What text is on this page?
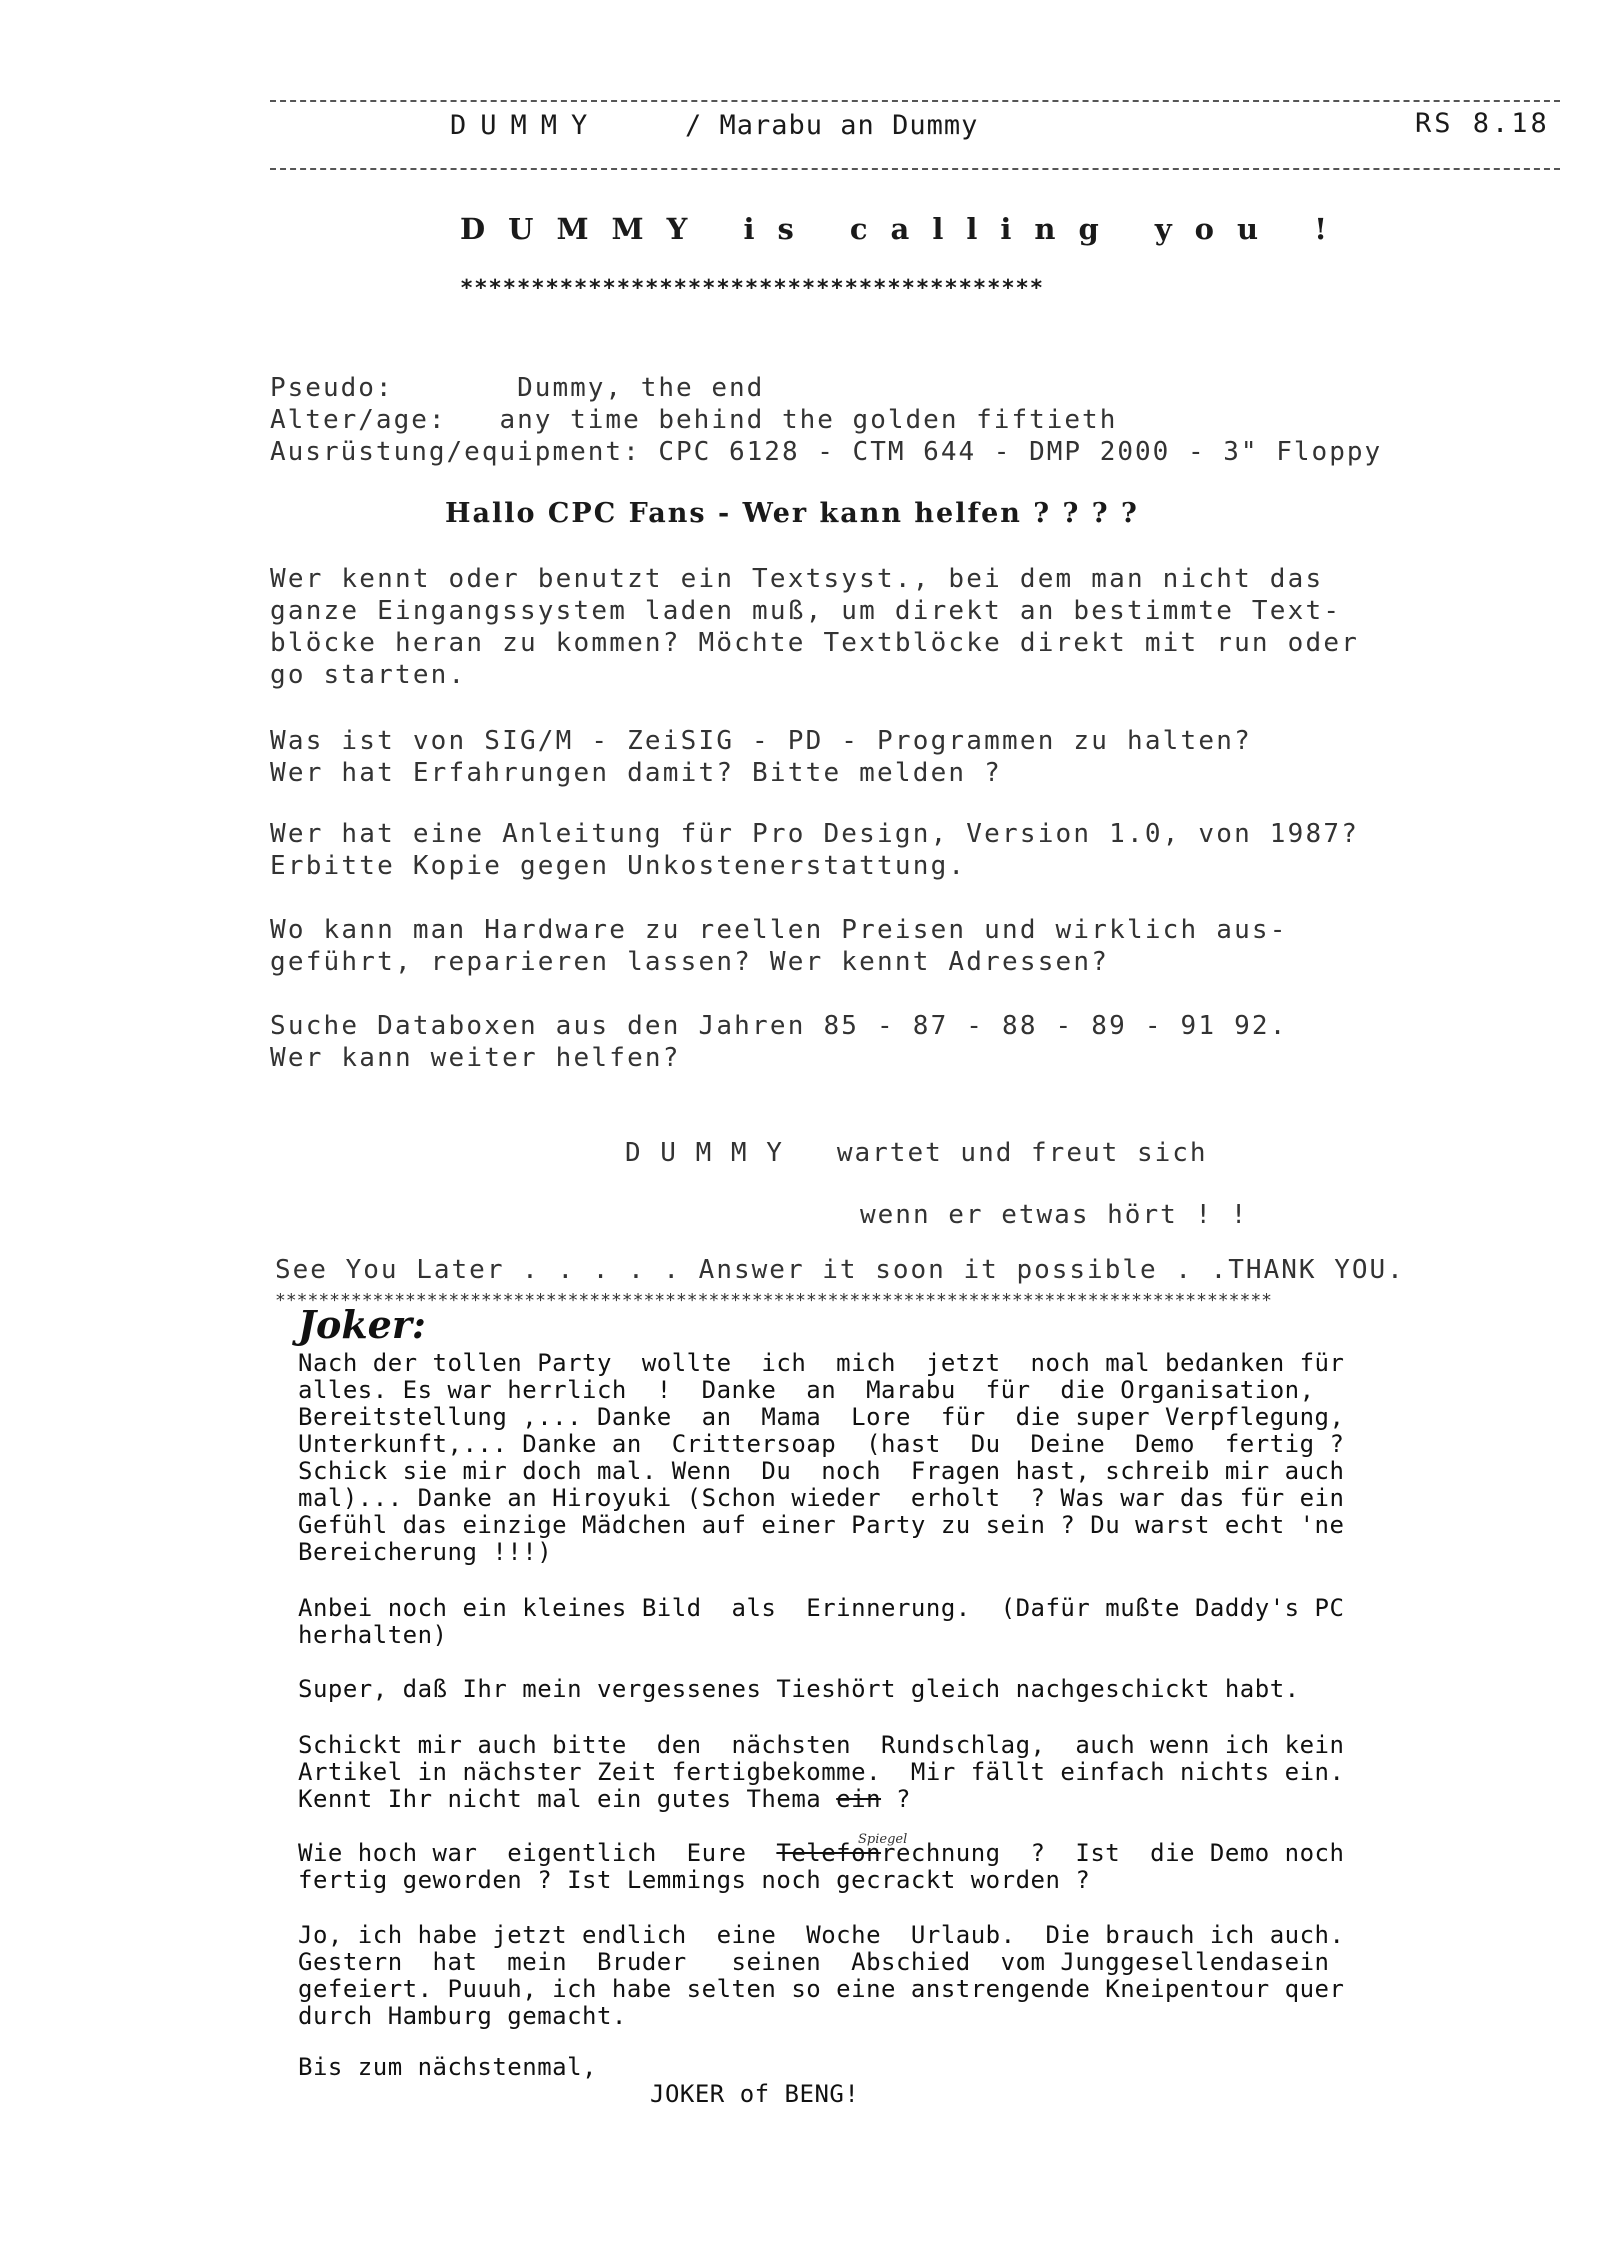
DUMMY	/ Marabu an Dummy	RS 8.18
DUMMY is calling you !
*****************************************
Pseudo:       Dummy, the end
Alter/age:   any time behind the golden fiftieth
Ausrüstung/equipment: CPC 6128 - CTM 644 - DMP 2000 - 3" Floppy
Hallo CPC Fans - Wer kann helfen ? ? ? ?
Wer kennt oder benutzt ein Textsyst., bei dem man nicht das
ganze Eingangssystem laden muß, um direkt an bestimmte Text-
blöcke heran zu kommen? Möchte Textblöcke direkt mit run oder
go starten.
Was ist von SIG/M - ZeiSIG - PD - Programmen zu halten?
Wer hat Erfahrungen damit? Bitte melden ?
Wer hat eine Anleitung für Pro Design, Version 1.0, von 1987?
Erbitte Kopie gegen Unkostenerstattung.
Wo kann man Hardware zu reellen Preisen und wirklich aus-
geführt, reparieren lassen? Wer kennt Adressen?
Suche Databoxen aus den Jahren 85 - 87 - 88 - 89 - 91 92.
Wer kann weiter helfen?
D U M M Y   wartet und freut sich
wenn er etwas hört ! !
See You Later . . . . . Answer it soon it possible . .THANK YOU.
********************************************************************************************
Joker:
Nach der tollen Party  wollte  ich  mich  jetzt  noch mal bedanken für
alles. Es war herrlich  !  Danke  an  Marabu  für  die Organisation,
Bereitstellung ,... Danke  an  Mama  Lore  für  die super Verpflegung,
Unterkunft,... Danke an  Crittersoap  (hast  Du  Deine  Demo  fertig ?
Schick sie mir doch mal. Wenn  Du  noch  Fragen hast, schreib mir auch
mal)... Danke an Hiroyuki (Schon wieder  erholt  ? Was war das für ein
Gefühl das einzige Mädchen auf einer Party zu sein ? Du warst echt 'ne
Bereicherung !!!)
Anbei noch ein kleines Bild  als  Erinnerung.  (Dafür mußte Daddy's PC
herhalten)
Super, daß Ihr mein vergessenes Tieshört gleich nachgeschickt habt.
Schickt mir auch bitte  den  nächsten  Rundschlag,  auch wenn ich kein
Artikel in nächster Zeit fertigbekomme.  Mir fällt einfach nichts ein.
Kennt Ihr nicht mal ein gutes Thema ein ?
Spiegel
Wie hoch war  eigentlich  Eure  Telefonrechnung  ?  Ist  die Demo noch
fertig geworden ? Ist Lemmings noch gecrackt worden ?
Jo, ich habe jetzt endlich  eine  Woche  Urlaub.  Die brauch ich auch.
Gestern  hat  mein  Bruder   seinen  Abschied  vom Junggesellendasein
gefeiert. Puuuh, ich habe selten so eine anstrengende Kneipentour quer
durch Hamburg gemacht.
Bis zum nächstenmal,
JOKER of BENG!
